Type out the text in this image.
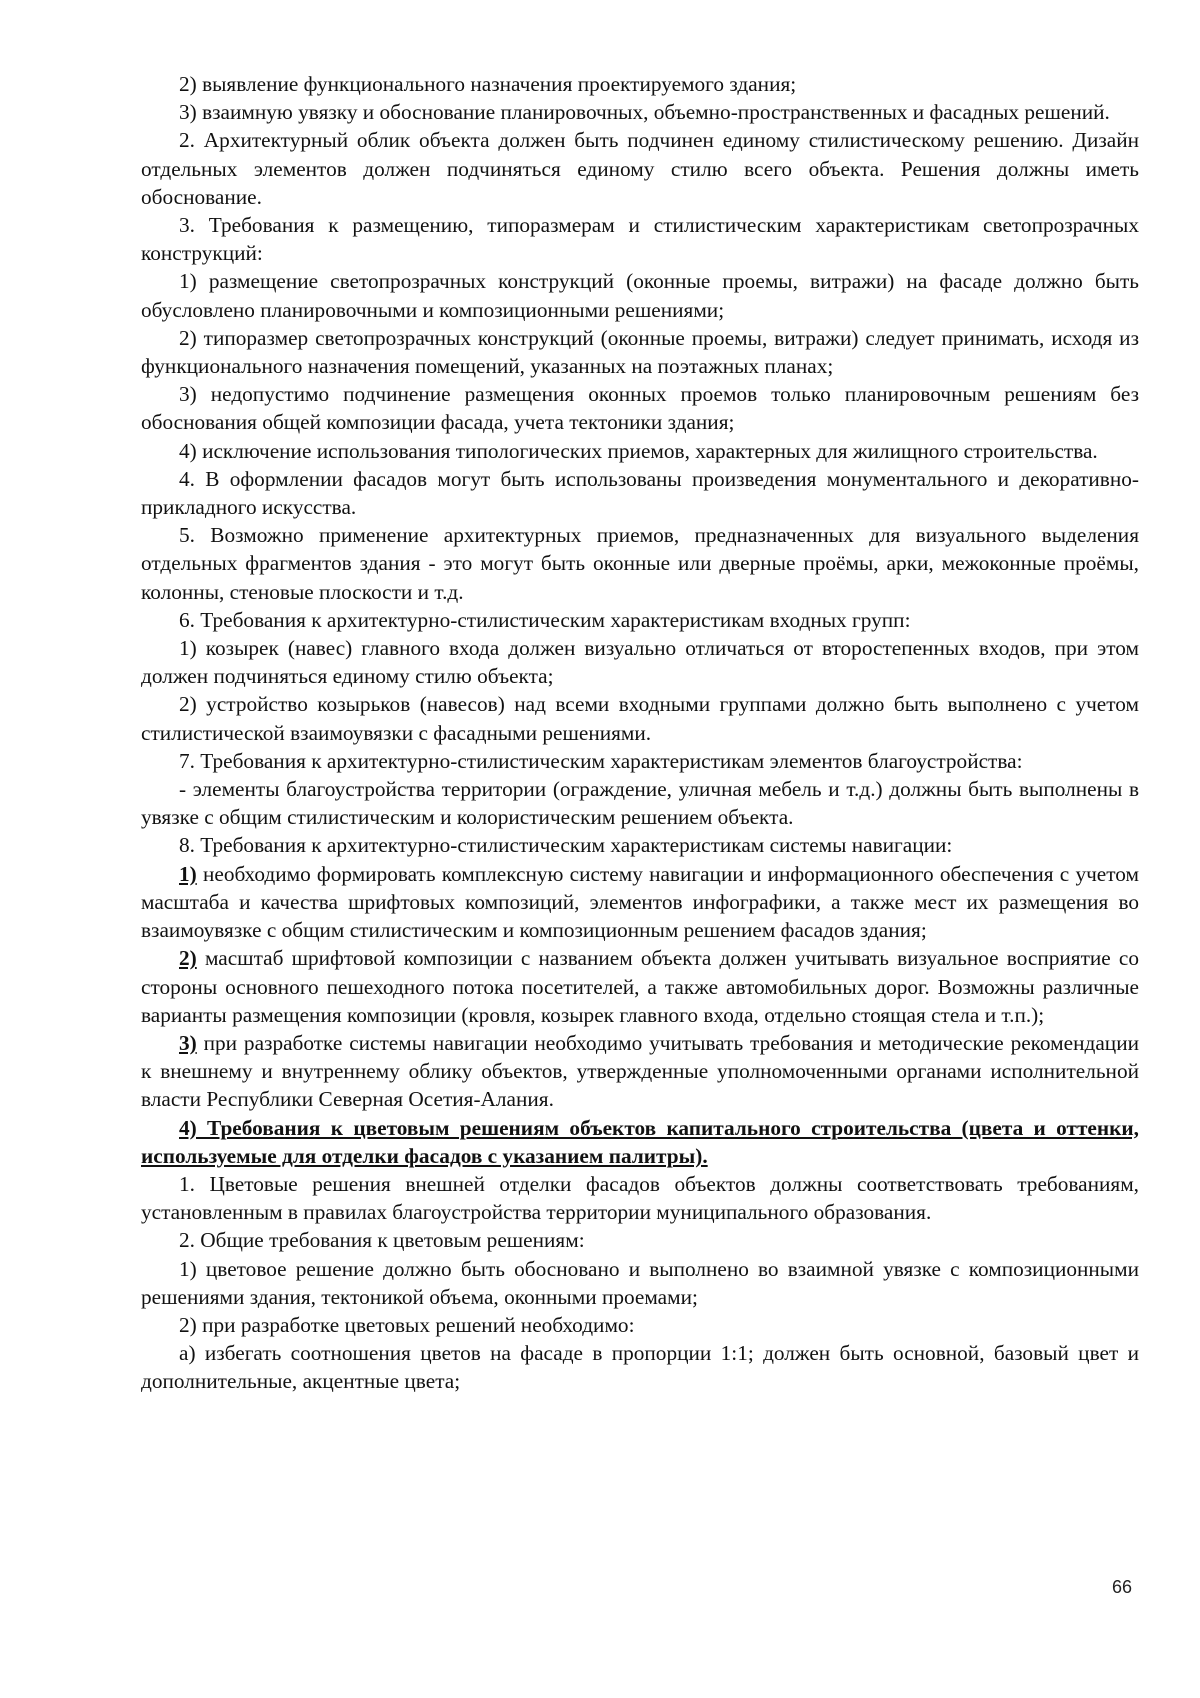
2) выявление функционального назначения проектируемого здания;

3) взаимную увязку и обоснование планировочных, объемно-пространственных и фасадных решений.

2. Архитектурный облик объекта должен быть подчинен единому стилистическому решению. Дизайн отдельных элементов должен подчиняться единому стилю всего объекта. Решения должны иметь обоснование.

3. Требования к размещению, типоразмерам и стилистическим характеристикам светопрозрачных конструкций:

1) размещение светопрозрачных конструкций (оконные проемы, витражи) на фасаде должно быть обусловлено планировочными и композиционными решениями;

2) типоразмер светопрозрачных конструкций (оконные проемы, витражи) следует принимать, исходя из функционального назначения помещений, указанных на поэтажных планах;

3) недопустимо подчинение размещения оконных проемов только планировочным решениям без обоснования общей композиции фасада, учета тектоники здания;

4) исключение использования типологических приемов, характерных для жилищного строительства.

4. В оформлении фасадов могут быть использованы произведения монументального и декоративно-прикладного искусства.

5. Возможно применение архитектурных приемов, предназначенных для визуального выделения отдельных фрагментов здания - это могут быть оконные или дверные проёмы, арки, межоконные проёмы, колонны, стеновые плоскости и т.д.

6. Требования к архитектурно-стилистическим характеристикам входных групп:

1) козырек (навес) главного входа должен визуально отличаться от второстепенных входов, при этом должен подчиняться единому стилю объекта;

2) устройство козырьков (навесов) над всеми входными группами должно быть выполнено с учетом стилистической взаимоувязки с фасадными решениями.

7. Требования к архитектурно-стилистическим характеристикам элементов благоустройства:

- элементы благоустройства территории (ограждение, уличная мебель и т.д.) должны быть выполнены в увязке с общим стилистическим и колористическим решением объекта.

8. Требования к архитектурно-стилистическим характеристикам системы навигации:

1) необходимо формировать комплексную систему навигации и информационного обеспечения с учетом масштаба и качества шрифтовых композиций, элементов инфографики, а также мест их размещения во взаимоувязке с общим стилистическим и композиционным решением фасадов здания;

2) масштаб шрифтовой композиции с названием объекта должен учитывать визуальное восприятие со стороны основного пешеходного потока посетителей, а также автомобильных дорог. Возможны различные варианты размещения композиции (кровля, козырек главного входа, отдельно стоящая стела и т.п.);

3) при разработке системы навигации необходимо учитывать требования и методические рекомендации к внешнему и внутреннему облику объектов, утвержденные уполномоченными органами исполнительной власти Республики Северная Осетия-Алания.

4) Требования к цветовым решениям объектов капитального строительства (цвета и оттенки, используемые для отделки фасадов с указанием палитры).

1. Цветовые решения внешней отделки фасадов объектов должны соответствовать требованиям, установленным в правилах благоустройства территории муниципального образования.

2. Общие требования к цветовым решениям:

1) цветовое решение должно быть обосновано и выполнено во взаимной увязке с композиционными решениями здания, тектоникой объема, оконными проемами;

2) при разработке цветовых решений необходимо:

а) избегать соотношения цветов на фасаде в пропорции 1:1; должен быть основной, базовый цвет и дополнительные, акцентные цвета;

66
